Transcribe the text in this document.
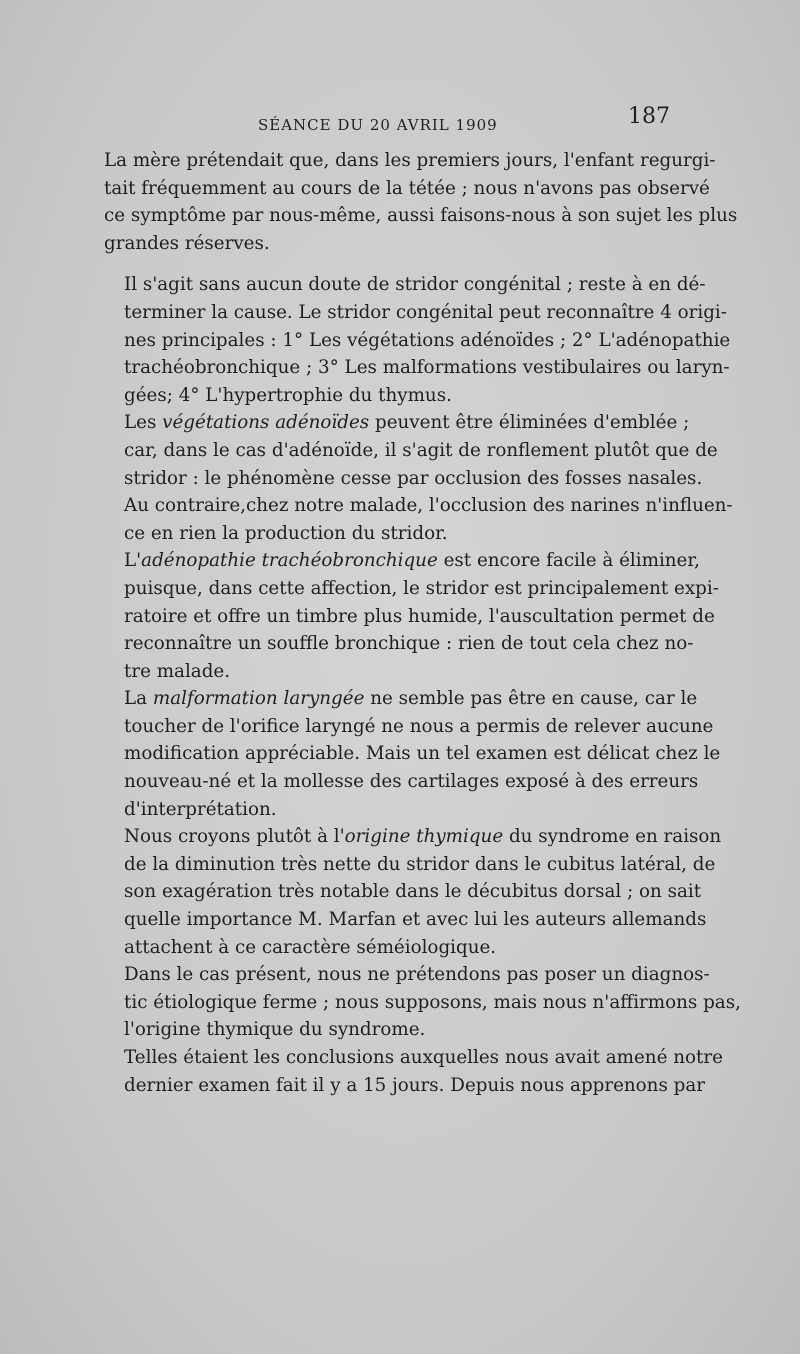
SÉANCE DU 20 AVRIL 1909	187

La mère prétendait que, dans les premiers jours, l'enfant regurgi-
tait fréquemment au cours de la tétée ; nous n'avons pas observé
ce symptôme par nous-même, aussi faisons-nous à son sujet les plus
grandes réserves.

Il s'agit sans aucun doute de stridor congénital ; reste à en dé-
terminer la cause. Le stridor congénital peut reconnaître 4 origi-
nes principales : 1° Les végétations adénoïdes ; 2° L'adénopathie
trachéobronchique ; 3° Les malformations vestibulaires ou laryn-
gées; 4° L'hypertrophie du thymus.

Les végétations adénoïdes peuvent être éliminées d'emblée ;
car, dans le cas d'adénoïde, il s'agit de ronflement plutôt que de
stridor : le phénomène cesse par occlusion des fosses nasales.
Au contraire,chez notre malade, l'occlusion des narines n'influen-
ce en rien la production du stridor.

L'adénopathie trachéobronchique est encore facile à éliminer,
puisque, dans cette affection, le stridor est principalement expi-
ratoire et offre un timbre plus humide, l'auscultation permet de
reconnaître un souffle bronchique : rien de tout cela chez no-
tre malade.

La malformation laryngée ne semble pas être en cause, car le
toucher de l'orifice laryngé ne nous a permis de relever aucune
modification appréciable. Mais un tel examen est délicat chez le
nouveau-né et la mollesse des cartilages exposé à des erreurs
d'interprétation.

Nous croyons plutôt à l'origine thymique du syndrome en raison
de la diminution très nette du stridor dans le cubitus latéral, de
son exagération très notable dans le décubitus dorsal ; on sait
quelle importance M. Marfan et avec lui les auteurs allemands
attachent à ce caractère séméiologique.

Dans le cas présent, nous ne prétendons pas poser un diagnos-
tic étiologique ferme ; nous supposons, mais nous n'affirmons pas,
l'origine thymique du syndrome.

Telles étaient les conclusions auxquelles nous avait amené notre
dernier examen fait il y a 15 jours. Depuis nous apprenons par
